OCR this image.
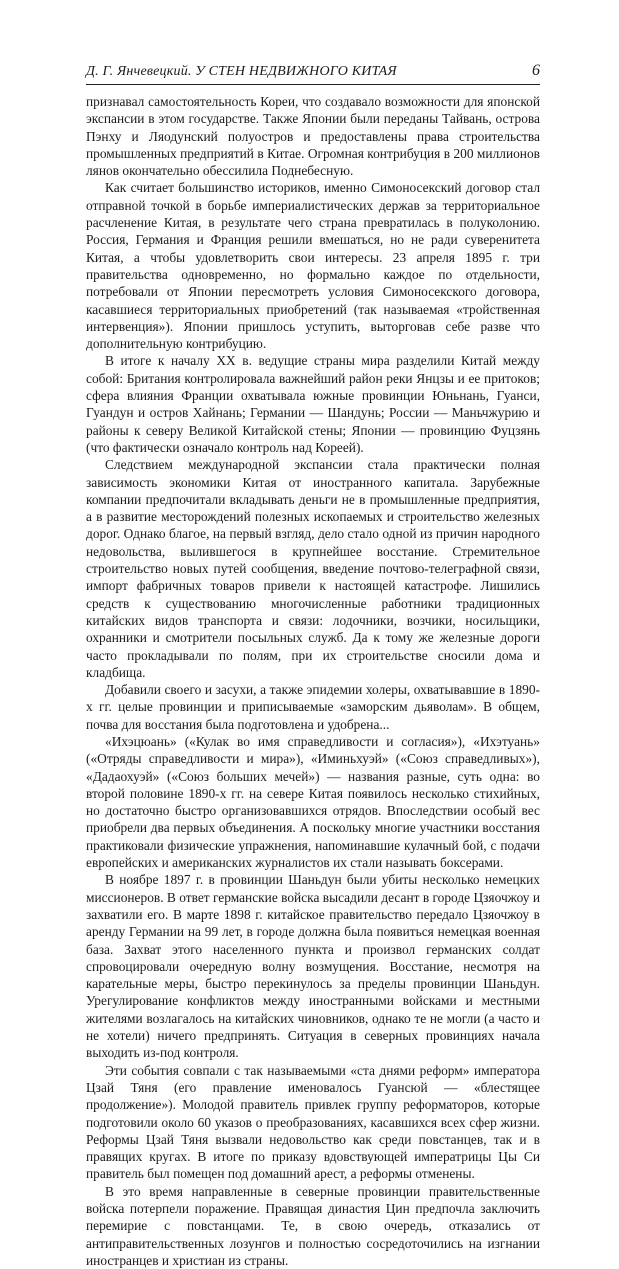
Д. Г. Янчевецкий. У СТЕН НЕДВИЖНОГО КИТАЯ	6

признавал самостоятельность Кореи, что создавало возможности для японской экспансии в этом государстве. Также Японии были переданы Тайвань, острова Пэнху и Ляодунский полуостров и предоставлены права строительства промышленных предприятий в Китае. Огромная контрибуция в 200 миллионов лянов окончательно обессилила Поднебесную.

Как считает большинство историков, именно Симоносекский договор стал отправной точкой в борьбе империалистических держав за территориальное расчленение Китая, в результате чего страна превратилась в полуколонию. Россия, Германия и Франция решили вмешаться, но не ради суверенитета Китая, а чтобы удовлетворить свои интересы. 23 апреля 1895 г. три правительства одновременно, но формально каждое по отдельности, потребовали от Японии пересмотреть условия Симоносекского договора, касавшиеся территориальных приобретений (так называемая «тройственная интервенция»). Японии пришлось уступить, выторговав себе разве что дополнительную контрибуцию.

В итоге к началу XX в. ведущие страны мира разделили Китай между собой: Британия контролировала важнейший район реки Янцзы и ее притоков; сфера влияния Франции охватывала южные провинции Юньнань, Гуанси, Гуандун и остров Хайнань; Германии — Шандунь; России — Маньчжурию и районы к северу Великой Китайской стены; Японии — провинцию Фуцзянь (что фактически означало контроль над Кореей).

Следствием международной экспансии стала практически полная зависимость экономики Китая от иностранного капитала. Зарубежные компании предпочитали вкладывать деньги не в промышленные предприятия, а в развитие месторождений полезных ископаемых и строительство железных дорог. Однако благое, на первый взгляд, дело стало одной из причин народного недовольства, вылившегося в крупнейшее восстание. Стремительное строительство новых путей сообщения, введение почтово-телеграфной связи, импорт фабричных товаров привели к настоящей катастрофе. Лишились средств к существованию многочисленные работники традиционных китайских видов транспорта и связи: лодочники, возчики, носильщики, охранники и смотрители посыльных служб. Да к тому же железные дороги часто прокладывали по полям, при их строительстве сносили дома и кладбища.

Добавили своего и засухи, а также эпидемии холеры, охватывавшие в 1890-х гг. целые провинции и приписываемые «заморским дьяволам». В общем, почва для восстания была подготовлена и удобрена...

«Ихэцюань» («Кулак во имя справедливости и согласия»), «Ихэтуань» («Отряды справедливости и мира»), «Иминьхуэй» («Союз справедливых»), «Дадаохуэй» («Союз больших мечей») — названия разные, суть одна: во второй половине 1890-х гг. на севере Китая появилось несколько стихийных, но достаточно быстро организовавшихся отрядов. Впоследствии особый вес приобрели два первых объединения. А поскольку многие участники восстания практиковали физические упражнения, напоминавшие кулачный бой, с подачи европейских и американских журналистов их стали называть боксерами.

В ноябре 1897 г. в провинции Шаньдун были убиты несколько немецких миссионеров. В ответ германские войска высадили десант в городе Цзяочжоу и захватили его. В марте 1898 г. китайское правительство передало Цзяочжоу в аренду Германии на 99 лет, в городе должна была появиться немецкая военная база. Захват этого населенного пункта и произвол германских солдат спровоцировали очередную волну возмущения. Восстание, несмотря на карательные меры, быстро перекинулось за пределы провинции Шаньдун. Урегулирование конфликтов между иностранными войсками и местными жителями возлагалось на китайских чиновников, однако те не могли (а часто и не хотели) ничего предпринять. Ситуация в северных провинциях начала выходить из-под контроля.

Эти события совпали с так называемыми «ста днями реформ» императора Цзай Тяня (его правление именовалось Гуансюй — «блестящее продолжение»). Молодой правитель привлек группу реформаторов, которые подготовили около 60 указов о преобразованиях, касавшихся всех сфер жизни. Реформы Цзай Тяня вызвали недовольство как среди повстанцев, так и в правящих кругах. В итоге по приказу вдовствующей императрицы Цы Си правитель был помещен под домашний арест, а реформы отменены.

В это время направленные в северные провинции правительственные войска потерпели поражение. Правящая династия Цин предпочла заключить перемирие с повстанцами. Те, в свою очередь, отказались от антиправительственных лозунгов и полностью сосредоточились на изгнании иностранцев и христиан из страны.
